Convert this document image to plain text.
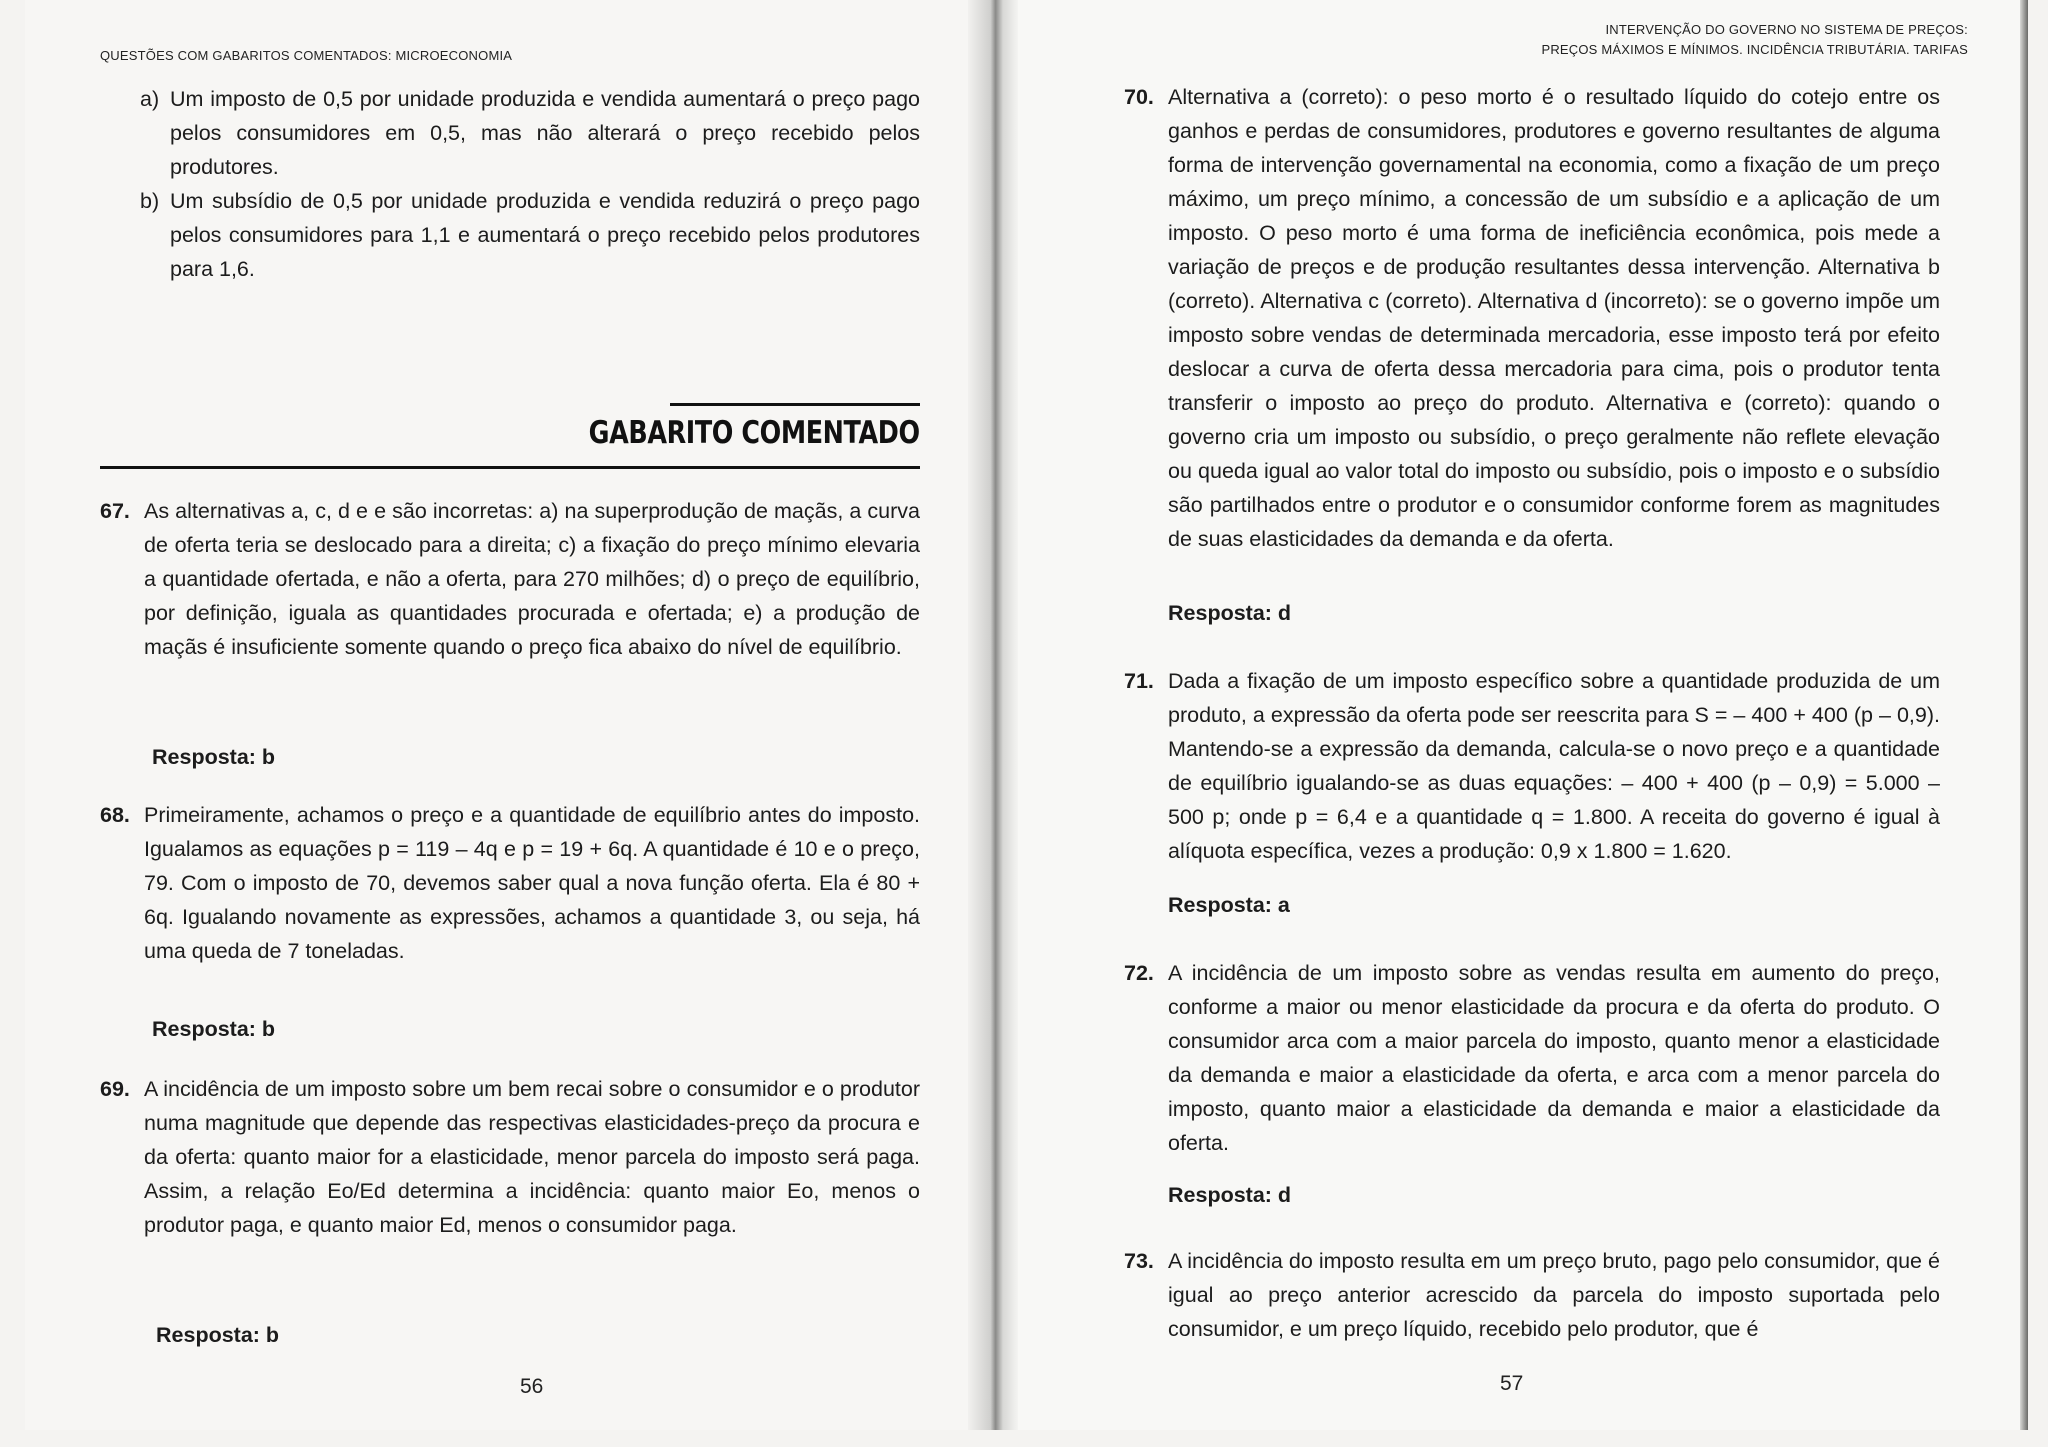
QUESTÕES COM GABARITOS COMENTADOS: MICROECONOMIA
a) Um imposto de 0,5 por unidade produzida e vendida aumentará o preço pago pelos consumidores em 0,5, mas não alterará o preço recebido pelos produtores.
b) Um subsídio de 0,5 por unidade produzida e vendida reduzirá o preço pago pelos consumidores para 1,1 e aumentará o preço recebido pelos produtores para 1,6.
GABARITO COMENTADO
67. As alternativas a, c, d e e são incorretas: a) na superprodução de maçãs, a curva de oferta teria se deslocado para a direita; c) a fixação do preço mínimo elevaria a quantidade ofertada, e não a oferta, para 270 milhões; d) o preço de equilíbrio, por definição, iguala as quantidades procurada e ofertada; e) a produção de maçãs é insuficiente somente quando o preço fica abaixo do nível de equilíbrio.
Resposta: b
68. Primeiramente, achamos o preço e a quantidade de equilíbrio antes do imposto. Igualamos as equações p = 119 – 4q e p = 19 + 6q. A quantidade é 10 e o preço, 79. Com o imposto de 70, devemos saber qual a nova função oferta. Ela é 80 + 6q. Igualando novamente as expressões, achamos a quantidade 3, ou seja, há uma queda de 7 toneladas.
Resposta: b
69. A incidência de um imposto sobre um bem recai sobre o consumidor e o produtor numa magnitude que depende das respectivas elasticidades-preço da procura e da oferta: quanto maior for a elasticidade, menor parcela do imposto será paga. Assim, a relação Eo/Ed determina a incidência: quanto maior Eo, menos o produtor paga, e quanto maior Ed, menos o consumidor paga.
Resposta: b
56
INTERVENÇÃO DO GOVERNO NO SISTEMA DE PREÇOS:
PREÇOS MÁXIMOS E MÍNIMOS. INCIDÊNCIA TRIBUTÁRIA. TARIFAS
70. Alternativa a (correto): o peso morto é o resultado líquido do cotejo entre os ganhos e perdas de consumidores, produtores e governo resultantes de alguma forma de intervenção governamental na economia, como a fixação de um preço máximo, um preço mínimo, a concessão de um subsídio e a aplicação de um imposto. O peso morto é uma forma de ineficiência econômica, pois mede a variação de preços e de produção resultantes dessa intervenção. Alternativa b (correto). Alternativa c (correto). Alternativa d (incorreto): se o governo impõe um imposto sobre vendas de determinada mercadoria, esse imposto terá por efeito deslocar a curva de oferta dessa mercadoria para cima, pois o produtor tenta transferir o imposto ao preço do produto. Alternativa e (correto): quando o governo cria um imposto ou subsídio, o preço geralmente não reflete elevação ou queda igual ao valor total do imposto ou subsídio, pois o imposto e o subsídio são partilhados entre o produtor e o consumidor conforme forem as magnitudes de suas elasticidades da demanda e da oferta.
Resposta: d
71. Dada a fixação de um imposto específico sobre a quantidade produzida de um produto, a expressão da oferta pode ser reescrita para S = – 400 + 400 (p – 0,9). Mantendo-se a expressão da demanda, calcula-se o novo preço e a quantidade de equilíbrio igualando-se as duas equações: – 400 + 400 (p – 0,9) = 5.000 – 500 p; onde p = 6,4 e a quantidade q = 1.800. A receita do governo é igual à alíquota específica, vezes a produção: 0,9 x 1.800 = 1.620.
Resposta: a
72. A incidência de um imposto sobre as vendas resulta em aumento do preço, conforme a maior ou menor elasticidade da procura e da oferta do produto. O consumidor arca com a maior parcela do imposto, quanto menor a elasticidade da demanda e maior a elasticidade da oferta, e arca com a menor parcela do imposto, quanto maior a elasticidade da demanda e maior a elasticidade da oferta.
Resposta: d
73. A incidência do imposto resulta em um preço bruto, pago pelo consumidor, que é igual ao preço anterior acrescido da parcela do imposto suportada pelo consumidor, e um preço líquido, recebido pelo produtor, que é
57
